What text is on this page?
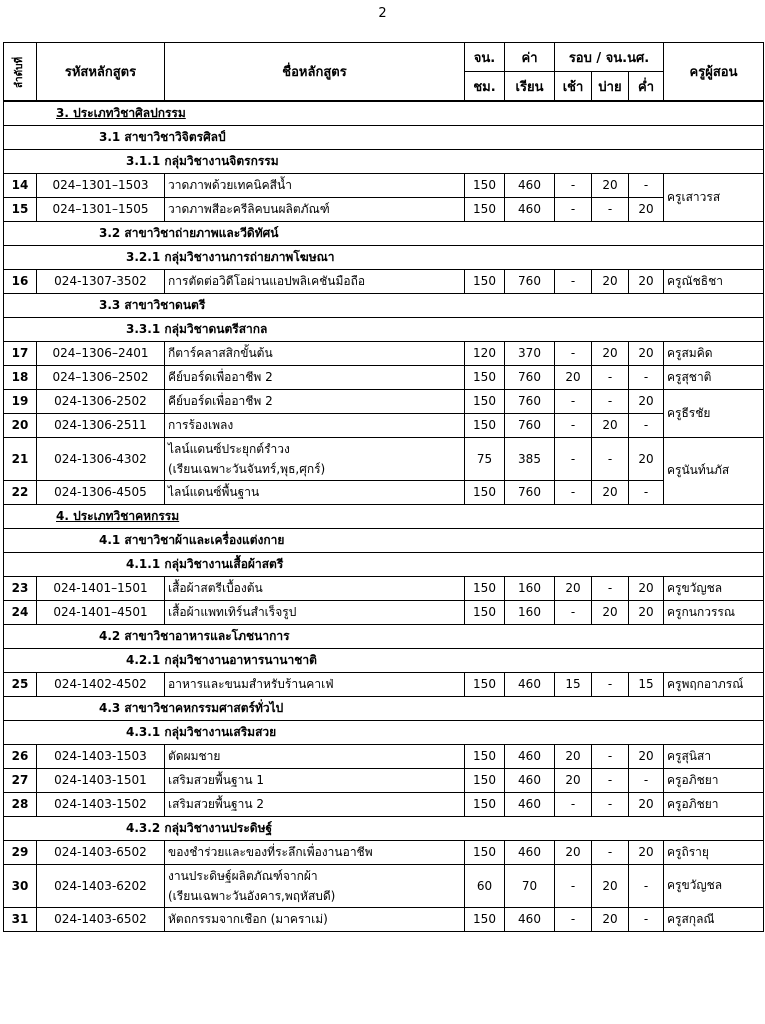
2
ลำดับที่	รหัสหลักสูตร	ชื่อหลักสูตร	จน.	ค่า	รอบ / จน.นศ.			ครูผู้สอน
			ชม.	เรียน	เช้า	บ่าย	ค่ำ	
3. ประเภทวิชาศิลปกรรม								
3.1 สาขาวิชาวิจิตรศิลป์								
3.1.1 กลุ่มวิชางานจิตรกรรม								
14	024–1301–1503	วาดภาพด้วยเทคนิคสีน้ำ	150	460	-	20	-	ครูเสาวรส
15	024–1301–1505	วาดภาพสีอะครีลิคบนผลิตภัณฑ์	150	460	-	-	20	
3.2 สาขาวิชาถ่ายภาพและวีดิทัศน์								
3.2.1 กลุ่มวิชางานการถ่ายภาพโฆษณา								
16	024-1307-3502	การตัดต่อวิดีโอผ่านแอปพลิเคชันมือถือ	150	760	-	20	20	ครูณัชธิชา
3.3 สาขาวิชาดนตรี								
3.3.1 กลุ่มวิชาดนตรีสากล								
17	024–1306–2401	กีตาร์คลาสสิกขั้นต้น	120	370	-	20	20	ครูสมคิด
18	024–1306–2502	คีย์บอร์ดเพื่ออาชีพ 2	150	760	20	-	-	ครูสุชาติ
19	024-1306-2502	คีย์บอร์ดเพื่ออาชีพ 2	150	760	-	-	20	ครูธีรชัย
20	024-1306-2511	การร้องเพลง	150	760	-	20	-	
21	024-1306-4302	ไลน์แดนซ์ประยุกต์รำวง
(เรียนเฉพาะวันจันทร์,พุธ,ศุกร์)	75	385	-	-	20	ครูนันท์นภัส
22	024-1306-4505	ไลน์แดนซ์พื้นฐาน	150	760	-	20	-	
4. ประเภทวิชาคหกรรม								
4.1 สาขาวิชาผ้าและเครื่องแต่งกาย								
4.1.1 กลุ่มวิชางานเสื้อผ้าสตรี								
23	024-1401–1501	เสื้อผ้าสตรีเบื้องต้น	150	160	20	-	20	ครูขวัญชล
24	024-1401–4501	เสื้อผ้าแพทเทิร์นสำเร็จรูป	150	160	-	20	20	ครูกนกวรรณ
4.2 สาขาวิชาอาหารและโภชนาการ								
4.2.1 กลุ่มวิชางานอาหารนานาชาติ								
25	024-1402-4502	อาหารและขนมสำหรับร้านคาเฟ่	150	460	15	-	15	ครูพฤกอาภรณ์
4.3 สาขาวิชาคหกรรมศาสตร์ทั่วไป								
4.3.1 กลุ่มวิชางานเสริมสวย								
26	024-1403-1503	ตัดผมชาย	150	460	20	-	20	ครูสุนิสา
27	024-1403-1501	เสริมสวยพื้นฐาน 1	150	460	20	-	-	ครูอภิชยา
28	024-1403-1502	เสริมสวยพื้นฐาน 2	150	460	-	-	20	ครูอภิชยา
4.3.2 กลุ่มวิชางานประดิษฐ์								
29	024-1403-6502	ของชำร่วยและของที่ระลึกเพื่องานอาชีพ	150	460	20	-	20	ครูถิรายุ
30	024-1403-6202	งานประดิษฐ์ผลิตภัณฑ์จากผ้า
(เรียนเฉพาะวันอังคาร,พฤหัสบดี)	60	70	-	20	-	ครูขวัญชล
31	024-1403-6502	หัตถกรรมจากเชือก (มาคราเม่)	150	460	-	20	-	ครูสกุลณี
